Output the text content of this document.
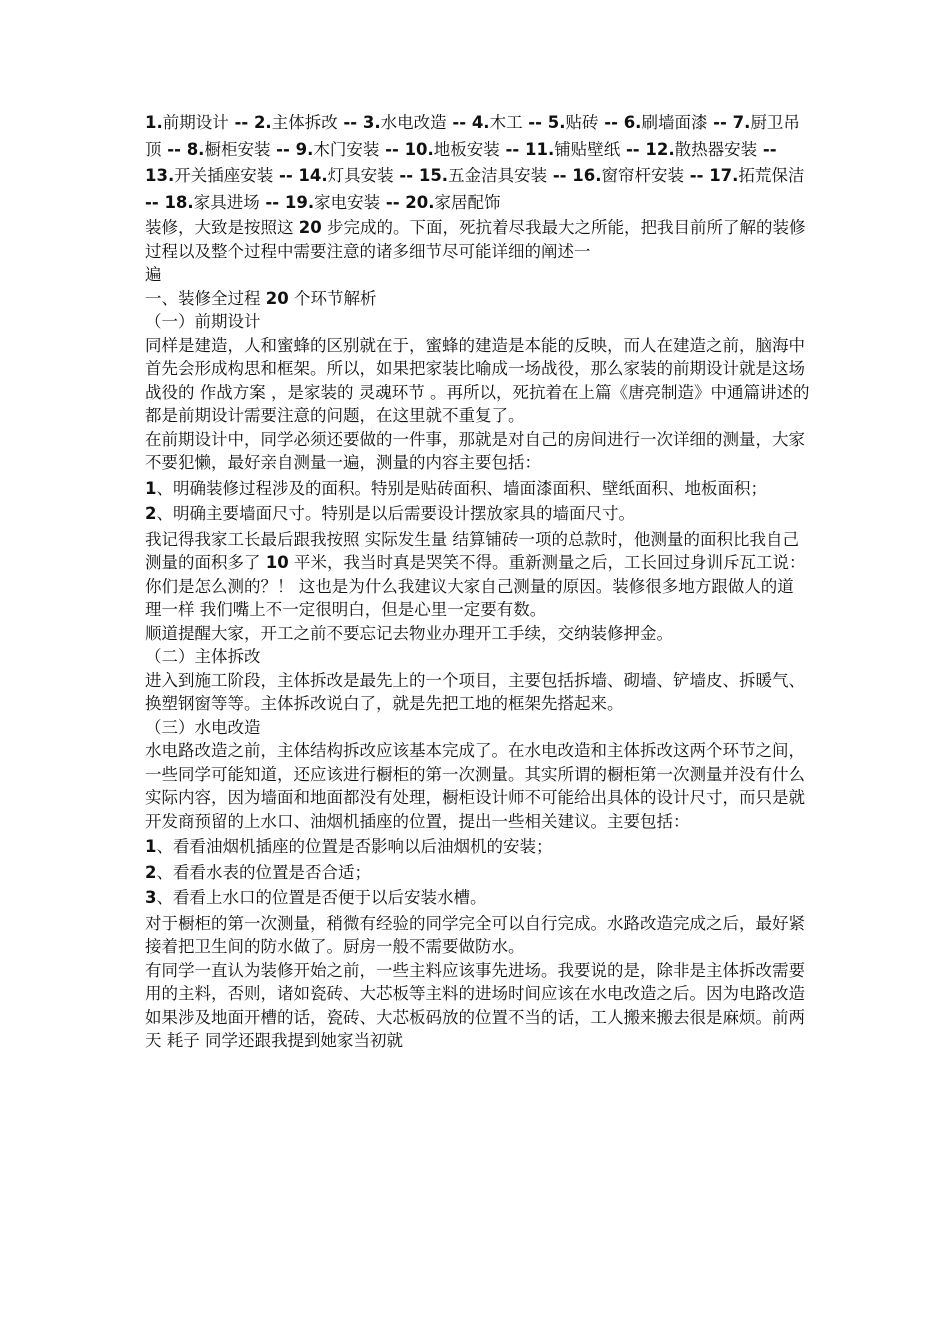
1.前期设计 -- 2.主体拆改 -- 3.水电改造 -- 4.木工 -- 5.贴砖 -- 6.刷墙面漆 -- 7.厨卫吊顶 -- 8.橱柜安装 -- 9.木门安装 -- 10.地板安装 -- 11.铺贴壁纸 -- 12.散热器安装 -- 13.开关插座安装 -- 14.灯具安装 -- 15.五金洁具安装 -- 16.窗帘杆安装 -- 17.拓荒保洁 -- 18.家具进场 -- 19.家电安装 -- 20.家居配饰

装修，大致是按照这 20 步完成的。下面，死抗着尽我最大之所能，把我目前所了解的装修过程以及整个过程中需要注意的诸多细节尽可能详细的阐述一
遍

一、装修全过程 20 个环节解析

（一）前期设计

同样是建造，人和蜜蜂的区别就在于，蜜蜂的建造是本能的反映，而人在建造之前，脑海中首先会形成构思和框架。所以，如果把家装比喻成一场战役，那么家装的前期设计就是这场战役的 作战方案 ，是家装的 灵魂环节 。再所以，死抗着在上篇《唐亮制造》中通篇讲述的都是前期设计需要注意的问题，在这里就不重复了。

在前期设计中，同学必须还要做的一件事，那就是对自己的房间进行一次详细的测量，大家不要犯懒，最好亲自测量一遍，测量的内容主要包括：

1、明确装修过程涉及的面积。特别是贴砖面积、墙面漆面积、壁纸面积、地板面积；

2、明确主要墙面尺寸。特别是以后需要设计摆放家具的墙面尺寸。

我记得我家工长最后跟我按照 实际发生量 结算铺砖一项的总款时，他测量的面积比我自己测量的面积多了 10 平米，我当时真是哭笑不得。重新测量之后，工长回过身训斥瓦工说： 你们是怎么测的？！ 这也是为什么我建议大家自己测量的原因。装修很多地方跟做人的道理一样 我们嘴上不一定很明白，但是心里一定要有数。

顺道提醒大家，开工之前不要忘记去物业办理开工手续，交纳装修押金。

（二）主体拆改

进入到施工阶段，主体拆改是最先上的一个项目，主要包括拆墙、砌墙、铲墙皮、拆暖气、换塑钢窗等等。主体拆改说白了，就是先把工地的框架先搭起来。

（三）水电改造

水电路改造之前，主体结构拆改应该基本完成了。在水电改造和主体拆改这两个环节之间，一些同学可能知道，还应该进行橱柜的第一次测量。其实所谓的橱柜第一次测量并没有什么实际内容，因为墙面和地面都没有处理，橱柜设计师不可能给出具体的设计尺寸，而只是就开发商预留的上水口、油烟机插座的位置，提出一些相关建议。主要包括：

1、看看油烟机插座的位置是否影响以后油烟机的安装；

2、看看水表的位置是否合适；

3、看看上水口的位置是否便于以后安装水槽。

对于橱柜的第一次测量，稍微有经验的同学完全可以自行完成。水路改造完成之后，最好紧接着把卫生间的防水做了。厨房一般不需要做防水。

有同学一直认为装修开始之前，一些主料应该事先进场。我要说的是，除非是主体拆改需要用的主料，否则，诸如瓷砖、大芯板等主料的进场时间应该在水电改造之后。因为电路改造如果涉及地面开槽的话，瓷砖、大芯板码放的位置不当的话，工人搬来搬去很是麻烦。前两天 耗子 同学还跟我提到她家当初就
